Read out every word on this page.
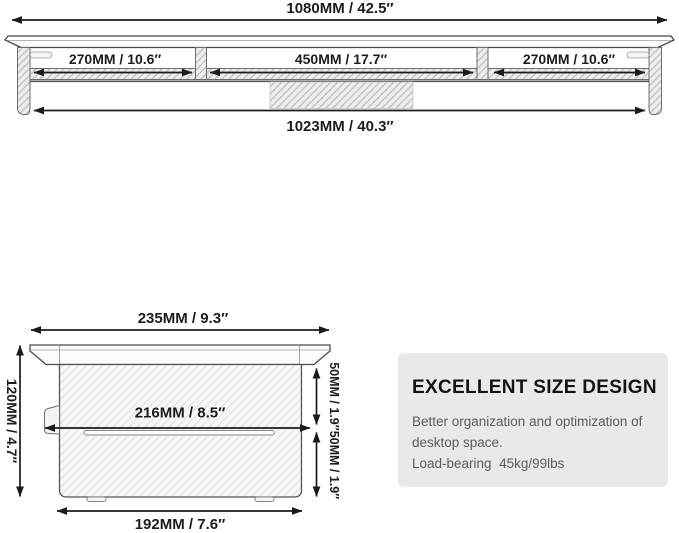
1080MM / 42.5″
270MM / 10.6″	450MM / 17.7″	270MM / 10.6″
1023MM / 40.3″
235MM / 9.3″
120MM / 4.7″	216MM / 8.5″	50MM / 1.9″
50MM / 1.9″
192MM / 7.6″
EXCELLENT SIZE DESIGN
Better organization and optimization of
desktop space.
Load-bearing  45kg/99lbs
